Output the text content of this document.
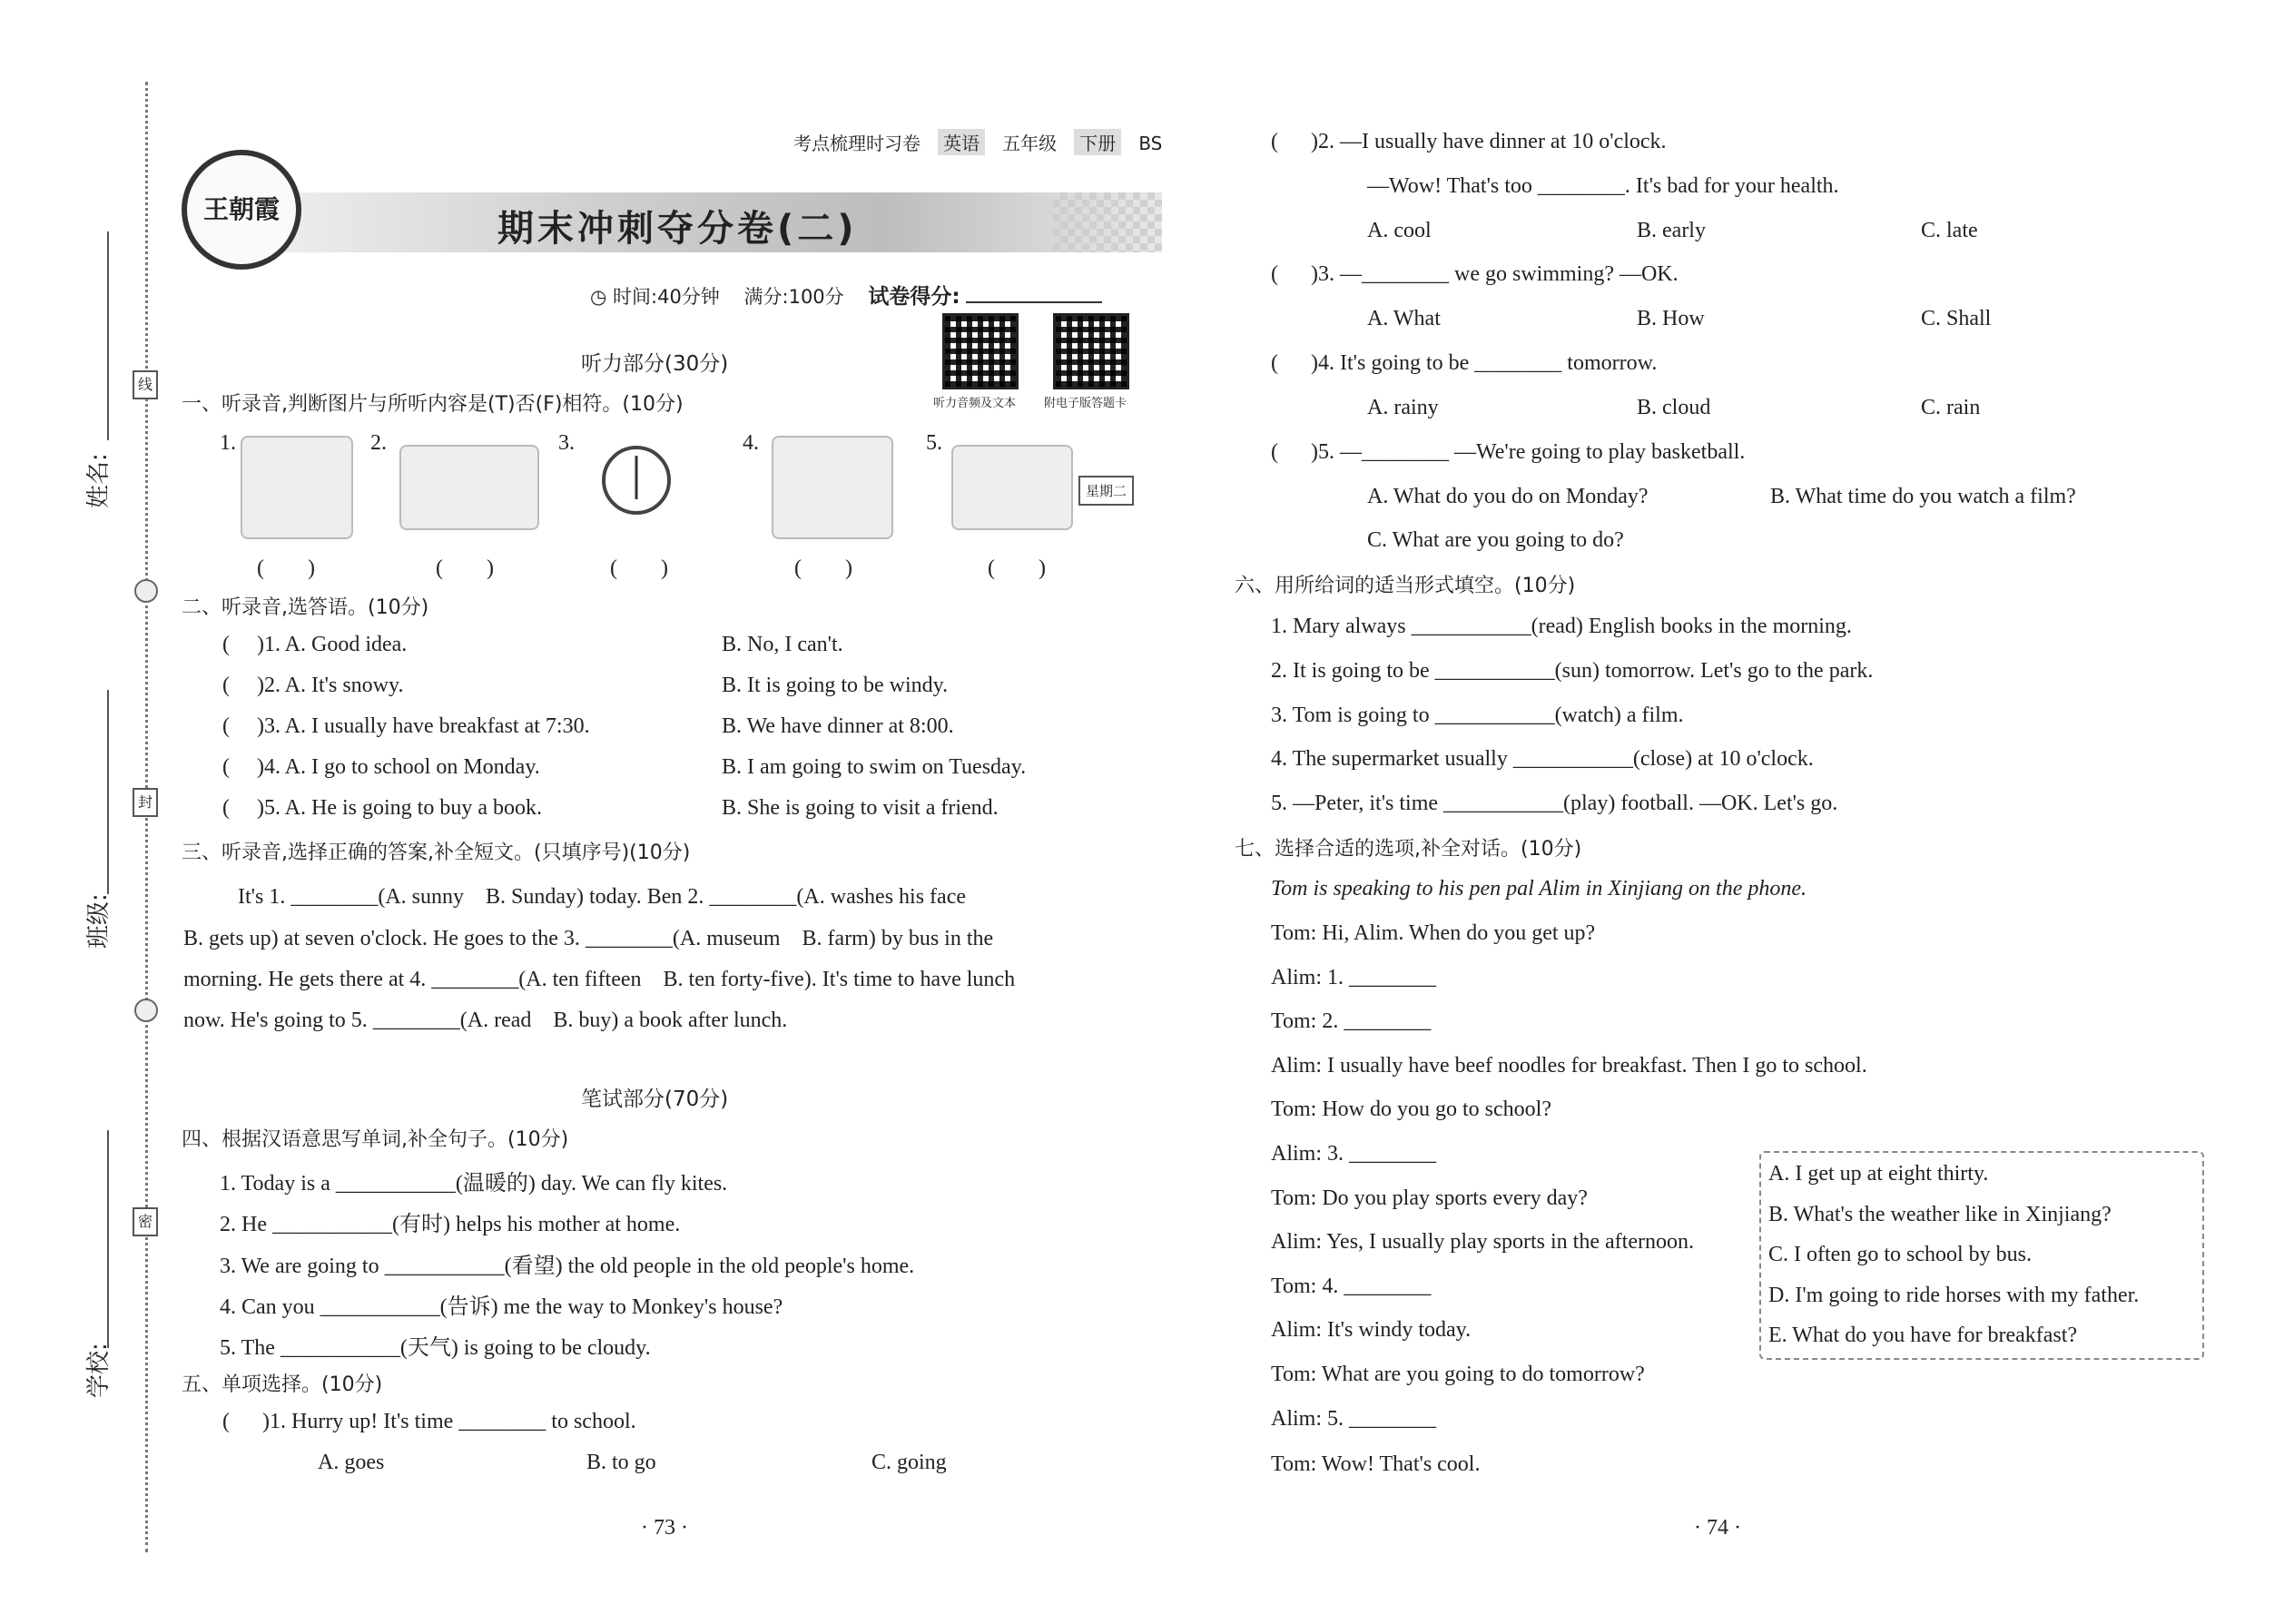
姓名:
班级:
学校:
线
封
密
王朝霞
考点梳理时习卷 英语 五年级 下册 BS
期末冲刺夺分卷(二)
◷ 时间:40分钟 满分:100分 试卷得分:
听力音频及文本 附电子版答题卡
听力部分(30分)
一、听录音,判断图片与所听内容是(T)否(F)相符。(10分)
1.	2.	3.	4.	5.
星期二
(　　)	(　　)	(　　)	(　　)	(　　)
二、听录音,选答语。(10分)
(     )1. A. Good idea.	B. No, I can't.
(     )2. A. It's snowy.	B. It is going to be windy.
(     )3. A. I usually have breakfast at 7:30.	B. We have dinner at 8:00.
(     )4. A. I go to school on Monday.	B. I am going to swim on Tuesday.
(     )5. A. He is going to buy a book.	B. She is going to visit a friend.
三、听录音,选择正确的答案,补全短文。(只填序号)(10分)
It's 1. ________(A. sunny　B. Sunday) today. Ben 2. ________(A. washes his face
B. gets up) at seven o'clock. He goes to the 3. ________(A. museum　B. farm) by bus in the
morning. He gets there at 4. ________(A. ten fifteen　B. ten forty-five). It's time to have lunch
now. He's going to 5. ________(A. read　B. buy) a book after lunch.
笔试部分(70分)
四、根据汉语意思写单词,补全句子。(10分)
1. Today is a ___________(温暖的) day. We can fly kites.
2. He ___________(有时) helps his mother at home.
3. We are going to ___________(看望) the old people in the old people's home.
4. Can you ___________(告诉) me the way to Monkey's house?
5. The ___________(天气) is going to be cloudy.
五、单项选择。(10分)
(      )1. Hurry up! It's time ________ to school.
A. goes	B. to go	C. going
· 73 ·
(      )2. —I usually have dinner at 10 o'clock.
—Wow! That's too ________. It's bad for your health.
A. cool	B. early	C. late
(      )3. —________ we go swimming? —OK.
A. What	B. How	C. Shall
(      )4. It's going to be ________ tomorrow.
A. rainy	B. cloud	C. rain
(      )5. —________ —We're going to play basketball.
A. What do you do on Monday?	B. What time do you watch a film?
C. What are you going to do?
六、用所给词的适当形式填空。(10分)
1. Mary always ___________(read) English books in the morning.
2. It is going to be ___________(sun) tomorrow. Let's go to the park.
3. Tom is going to ___________(watch) a film.
4. The supermarket usually ___________(close) at 10 o'clock.
5. —Peter, it's time ___________(play) football. —OK. Let's go.
七、选择合适的选项,补全对话。(10分)
Tom is speaking to his pen pal Alim in Xinjiang on the phone.
Tom: Hi, Alim. When do you get up?
Alim: 1. ________
Tom: 2. ________
Alim: I usually have beef noodles for breakfast. Then I go to school.
Tom: How do you go to school?
Alim: 3. ________
Tom: Do you play sports every day?
Alim: Yes, I usually play sports in the afternoon.
Tom: 4. ________
Alim: It's windy today.
Tom: What are you going to do tomorrow?
Alim: 5. ________
Tom: Wow! That's cool.
A. I get up at eight thirty.
B. What's the weather like in Xinjiang?
C. I often go to school by bus.
D. I'm going to ride horses with my father.
E. What do you have for breakfast?
· 74 ·
